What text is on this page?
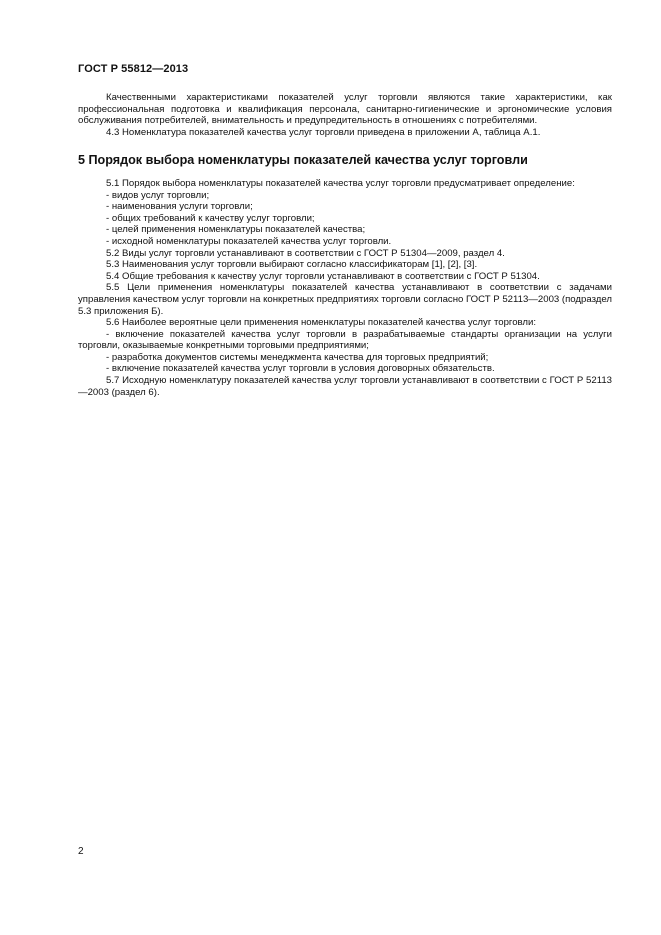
ГОСТ Р 55812—2013

Качественными характеристиками показателей услуг торговли являются такие характеристики, как профессиональная подготовка и квалификация персонала, санитарно-гигиенические и эргономические условия обслуживания потребителей, внимательность и предупредительность в отношениях с потребителями.

4.3 Номенклатура показателей качества услуг торговли приведена в приложении А, таблица А.1.

5 Порядок выбора номенклатуры показателей качества услуг торговли

5.1 Порядок выбора номенклатуры показателей качества услуг торговли предусматривает определение:

- видов услуг торговли;

- наименования услуги торговли;

- общих требований к качеству услуг торговли;

- целей применения номенклатуры показателей качества;

- исходной номенклатуры показателей качества услуг торговли.

5.2 Виды услуг торговли устанавливают в соответствии с ГОСТ Р 51304—2009, раздел 4.

5.3 Наименования услуг торговли выбирают согласно классификаторам [1], [2], [3].

5.4 Общие требования к качеству услуг торговли устанавливают в соответствии с ГОСТ Р 51304.

5.5 Цели применения номенклатуры показателей качества устанавливают в соответствии с задачами управления качеством услуг торговли на конкретных предприятиях торговли согласно ГОСТ Р 52113—2003 (подраздел 5.3 приложения Б).

5.6 Наиболее вероятные цели применения номенклатуры показателей качества услуг торговли:

- включение показателей качества услуг торговли в разрабатываемые стандарты организации на услуги торговли, оказываемые конкретными торговыми предприятиями;

- разработка документов системы менеджмента качества для торговых предприятий;

- включение показателей качества услуг торговли в условия договорных обязательств.

5.7 Исходную номенклатуру показателей качества услуг торговли устанавливают в соответствии с ГОСТ Р 52113—2003 (раздел 6).

2
